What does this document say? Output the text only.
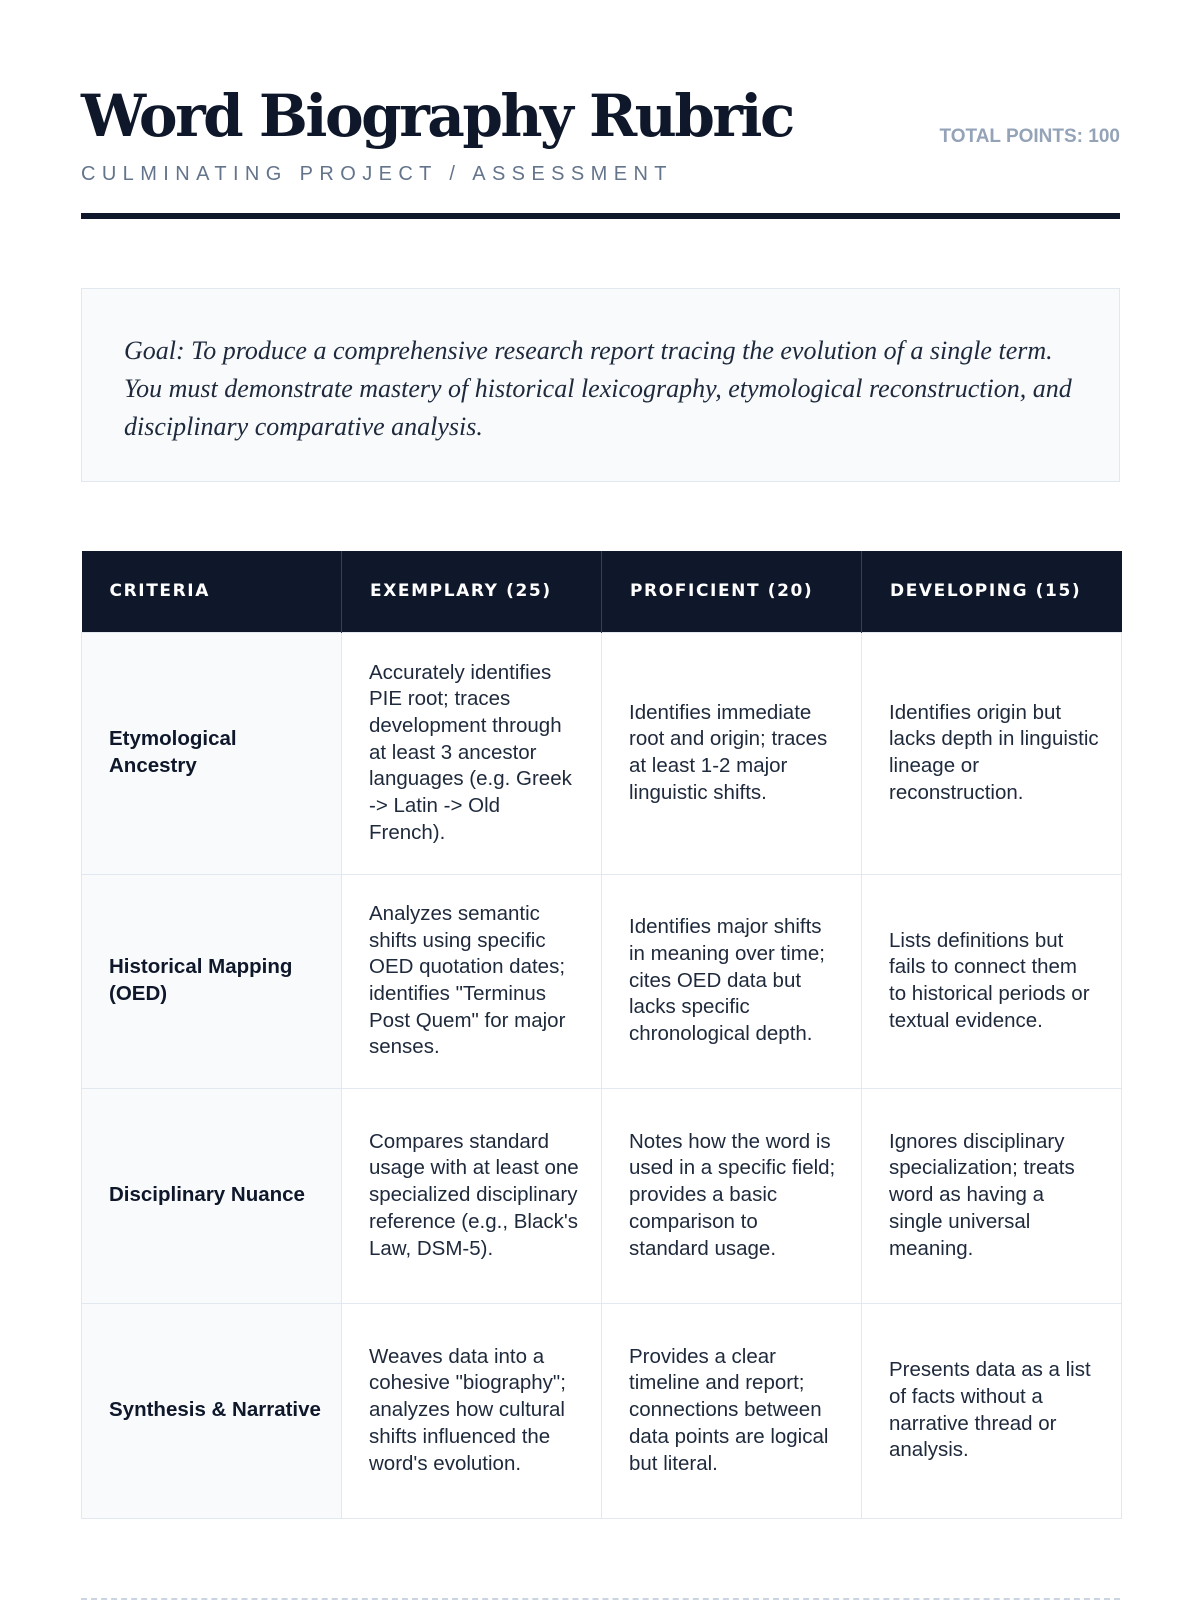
Word Biography Rubric
CULMINATING PROJECT / ASSESSMENT
TOTAL POINTS: 100

Goal: To produce a comprehensive research report tracing the evolution of a single term. You must demonstrate mastery of historical lexicography, etymological reconstruction, and disciplinary comparative analysis.

CRITERIA	EXEMPLARY (25)	PROFICIENT (20)	DEVELOPING (15)
Etymological Ancestry	Accurately identifies PIE root; traces development through at least 3 ancestor languages (e.g. Greek -> Latin -> Old French).	Identifies immediate root and origin; traces at least 1-2 major linguistic shifts.	Identifies origin but lacks depth in linguistic lineage or reconstruction.
Historical Mapping (OED)	Analyzes semantic shifts using specific OED quotation dates; identifies "Terminus Post Quem" for major senses.	Identifies major shifts in meaning over time; cites OED data but lacks specific chronological depth.	Lists definitions but fails to connect them to historical periods or textual evidence.
Disciplinary Nuance	Compares standard usage with at least one specialized disciplinary reference (e.g., Black's Law, DSM-5).	Notes how the word is used in a specific field; provides a basic comparison to standard usage.	Ignores disciplinary specialization; treats word as having a single universal meaning.
Synthesis & Narrative	Weaves data into a cohesive "biography"; analyzes how cultural shifts influenced the word's evolution.	Provides a clear timeline and report; connections between data points are logical but literal.	Presents data as a list of facts without a narrative thread or analysis.
